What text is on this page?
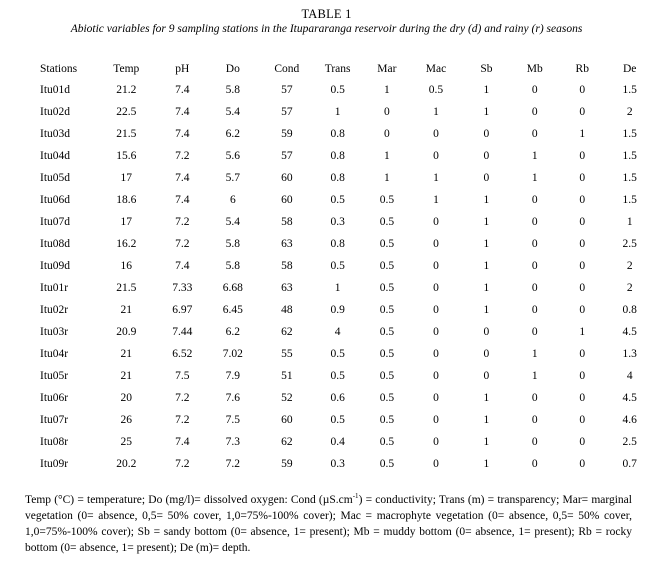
TABLE 1
Abiotic variables for 9 sampling stations in the Itupararanga reservoir during the dry (d) and rainy (r) seasons
Stations	Temp	pH	Do	Cond	Trans	Mar	Mac	Sb	Mb	Rb	De
Itu01d	21.2	7.4	5.8	57	0.5	1	0.5	1	0	0	1.5
Itu02d	22.5	7.4	5.4	57	1	0	1	1	0	0	2
Itu03d	21.5	7.4	6.2	59	0.8	0	0	0	0	1	1.5
Itu04d	15.6	7.2	5.6	57	0.8	1	0	0	1	0	1.5
Itu05d	17	7.4	5.7	60	0.8	1	1	0	1	0	1.5
Itu06d	18.6	7.4	6	60	0.5	0.5	1	1	0	0	1.5
Itu07d	17	7.2	5.4	58	0.3	0.5	0	1	0	0	1
Itu08d	16.2	7.2	5.8	63	0.8	0.5	0	1	0	0	2.5
Itu09d	16	7.4	5.8	58	0.5	0.5	0	1	0	0	2
Itu01r	21.5	7.33	6.68	63	1	0.5	0	1	0	0	2
Itu02r	21	6.97	6.45	48	0.9	0.5	0	1	0	0	0.8
Itu03r	20.9	7.44	6.2	62	4	0.5	0	0	0	1	4.5
Itu04r	21	6.52	7.02	55	0.5	0.5	0	0	1	0	1.3
Itu05r	21	7.5	7.9	51	0.5	0.5	0	0	1	0	4
Itu06r	20	7.2	7.6	52	0.6	0.5	0	1	0	0	4.5
Itu07r	26	7.2	7.5	60	0.5	0.5	0	1	0	0	4.6
Itu08r	25	7.4	7.3	62	0.4	0.5	0	1	0	0	2.5
Itu09r	20.2	7.2	7.2	59	0.3	0.5	0	1	0	0	0.7
Temp (°C) = temperature; Do (mg/l)= dissolved oxygen: Cond $(\mu S.cm^{-1})$ = conductivity; Trans (m) = transparency; Mar= marginal vegetation (0= absence, 0,5= 50% cover, 1,0=75%-100% cover); Mac = macrophyte vegetation (0= absence, 0,5= 50% cover, 1,0=75%-100% cover); Sb = sandy bottom (0= absence, 1= present); Mb = muddy bottom (0= absence, 1= present); Rb = rocky bottom (0= absence, 1= present); De (m)= depth.
